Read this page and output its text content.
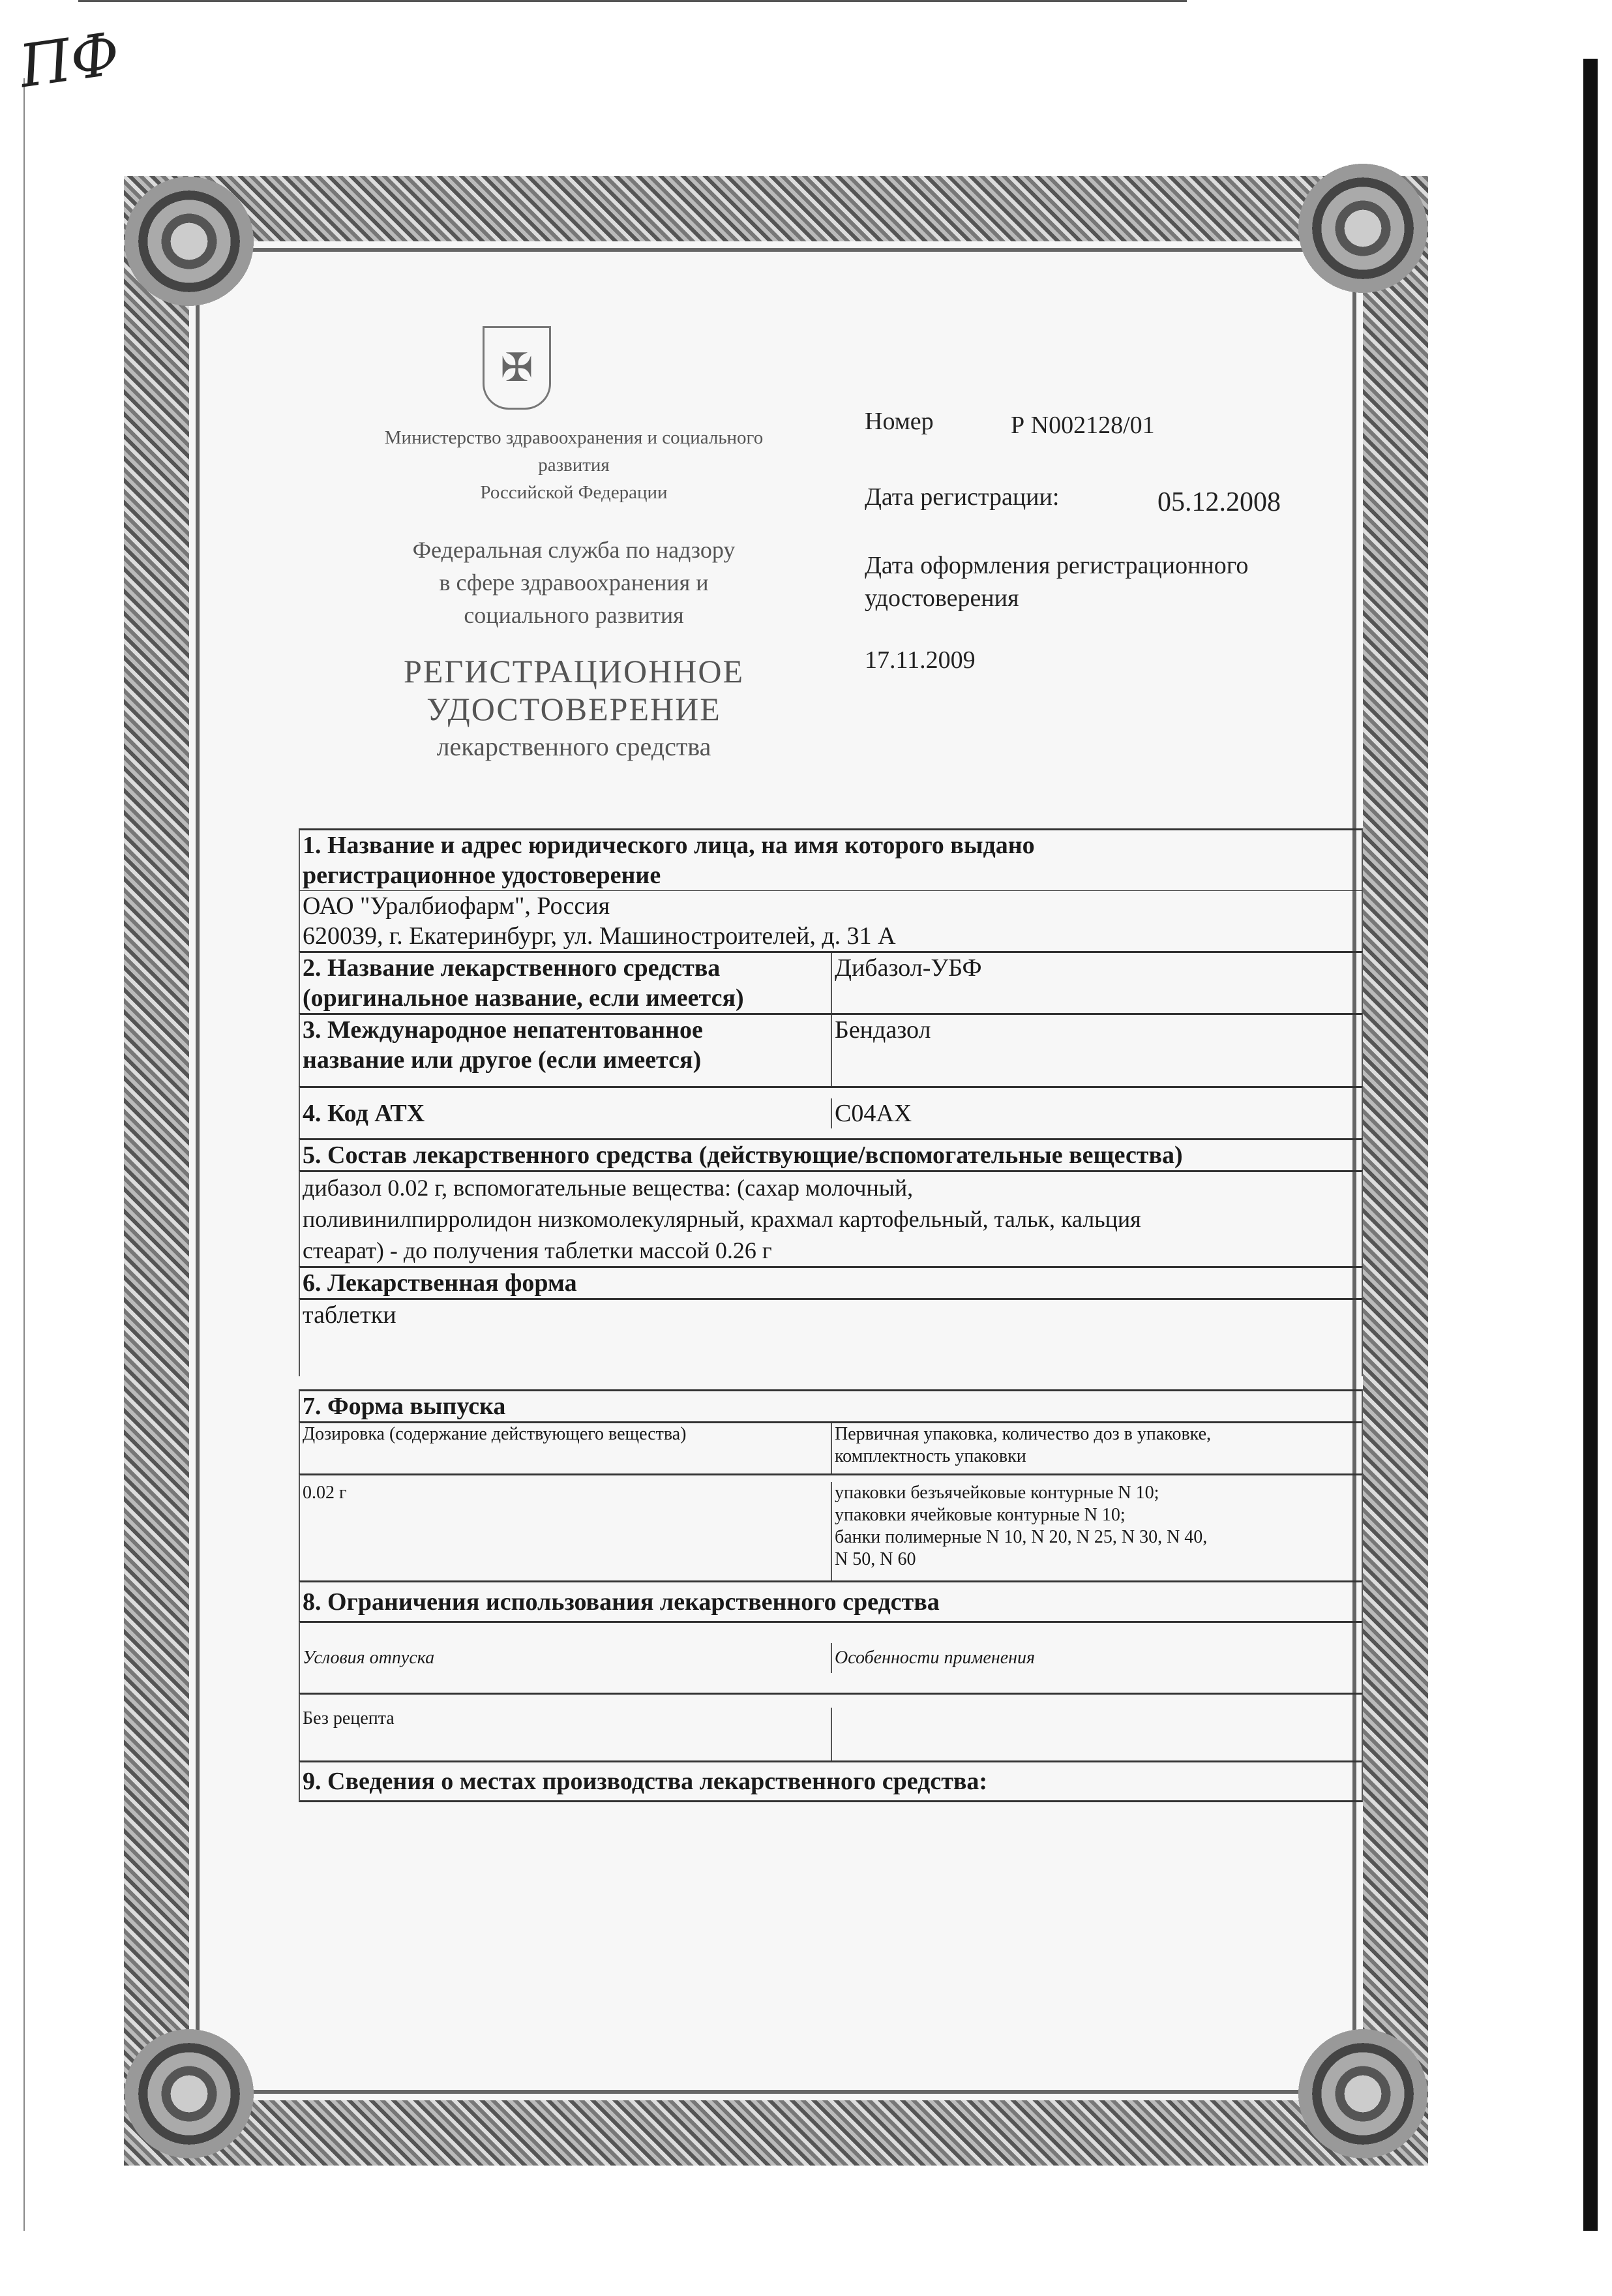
ПФ
✠
Министерство здравоохранения и социального
развития
Российской Федерации
Федеральная служба по надзору
в сфере здравоохранения и
социального развития
РЕГИСТРАЦИОННОЕ
УДОСТОВЕРЕНИЕ
лекарственного средства
Номер	Р N002128/01
Дата регистрации:	05.12.2008
Дата оформления регистрационного
удостоверения
17.11.2009
1. Название и адрес юридического лица, на имя которого выдано
регистрационное удостоверение
ОАО "Уралбиофарм", Россия
620039, г. Екатеринбург, ул. Машиностроителей, д. 31 А
2. Название лекарственного средства
(оригинальное название, если имеется)
Дибазол-УБФ
3. Международное непатентованное
название или другое (если имеется)
Бендазол
4. Код АТХ	C04AX
5. Состав лекарственного средства (действующие/вспомогательные вещества)
дибазол 0.02 г, вспомогательные вещества: (сахар молочный,
поливинилпирролидон низкомолекулярный, крахмал картофельный, тальк, кальция
стеарат) - до получения таблетки массой 0.26 г
6. Лекарственная форма
таблетки
7. Форма выпуска
Дозировка (содержание действующего вещества)	Первичная упаковка, количество доз в упаковке,
комплектность упаковки
0.02 г	упаковки безъячейковые контурные N 10;
упаковки ячейковые контурные N 10;
банки полимерные N 10, N 20, N 25, N 30, N 40,
N 50, N 60
8. Ограничения использования лекарственного средства
Условия отпуска	Особенности применения
Без рецепта
9. Сведения о местах производства лекарственного средства:
